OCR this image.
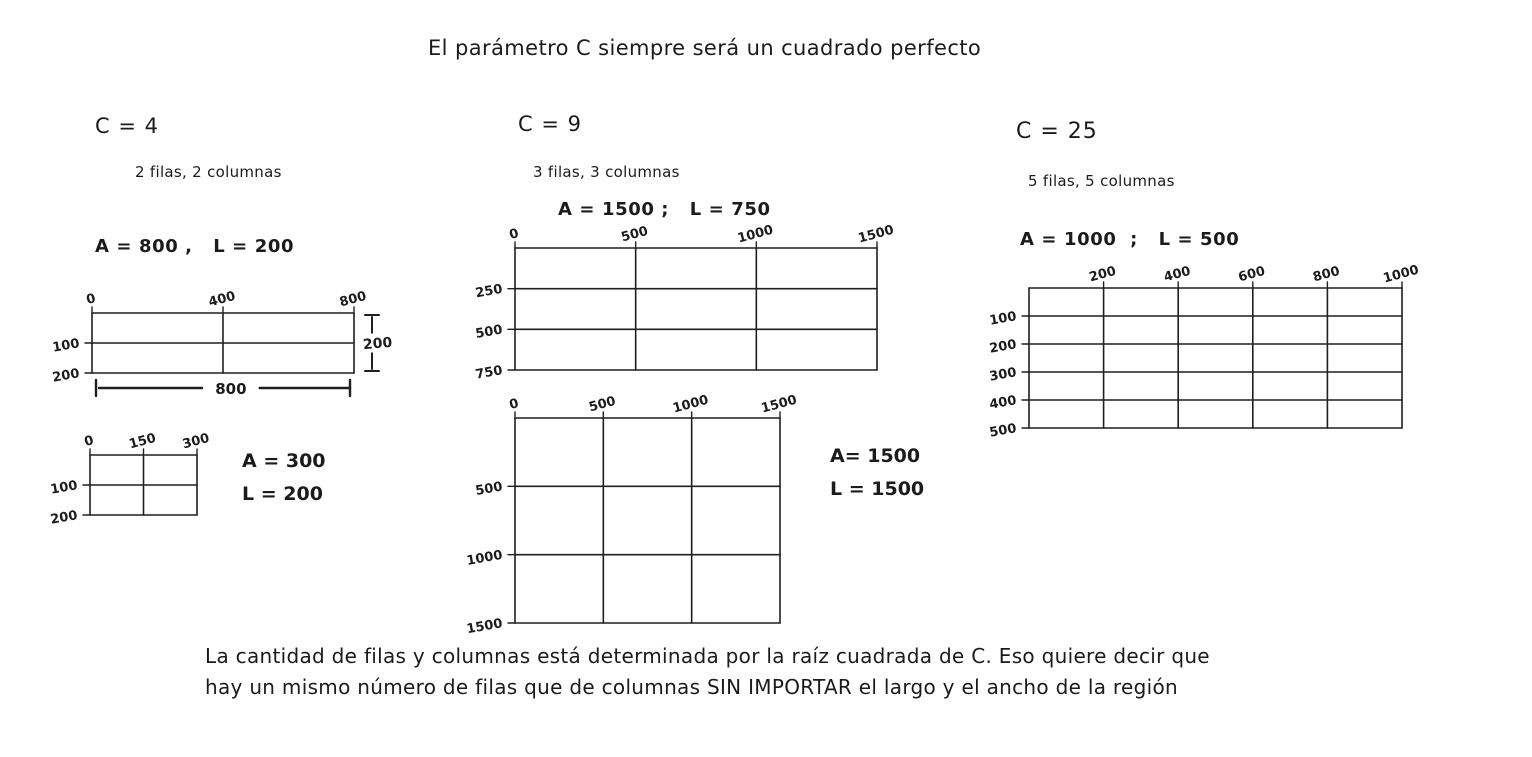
El parámetro C siempre será un cuadrado perfecto
C = 4
2 filas, 2 columnas
A = 800 ,   L = 200
C = 9
3 filas, 3 columnas
A = 1500 ;   L = 750
C = 25
5 filas, 5 columnas
A = 1000  ;   L = 500
La cantidad de filas y columnas está determinada por la raíz cuadrada de C. Eso quiere decir que
hay un mismo número de filas que de columnas SIN IMPORTAR el largo y el ancho de la región
0	400	800
100
200
200
800
0 150 300
100
200
A = 300
L = 200
0	500	1000	1500
250
500
750
0	500	1000	1500
500
1000
1500
A= 1500
L = 1500
200	400	600	800	1000
100
200
300
400
500
